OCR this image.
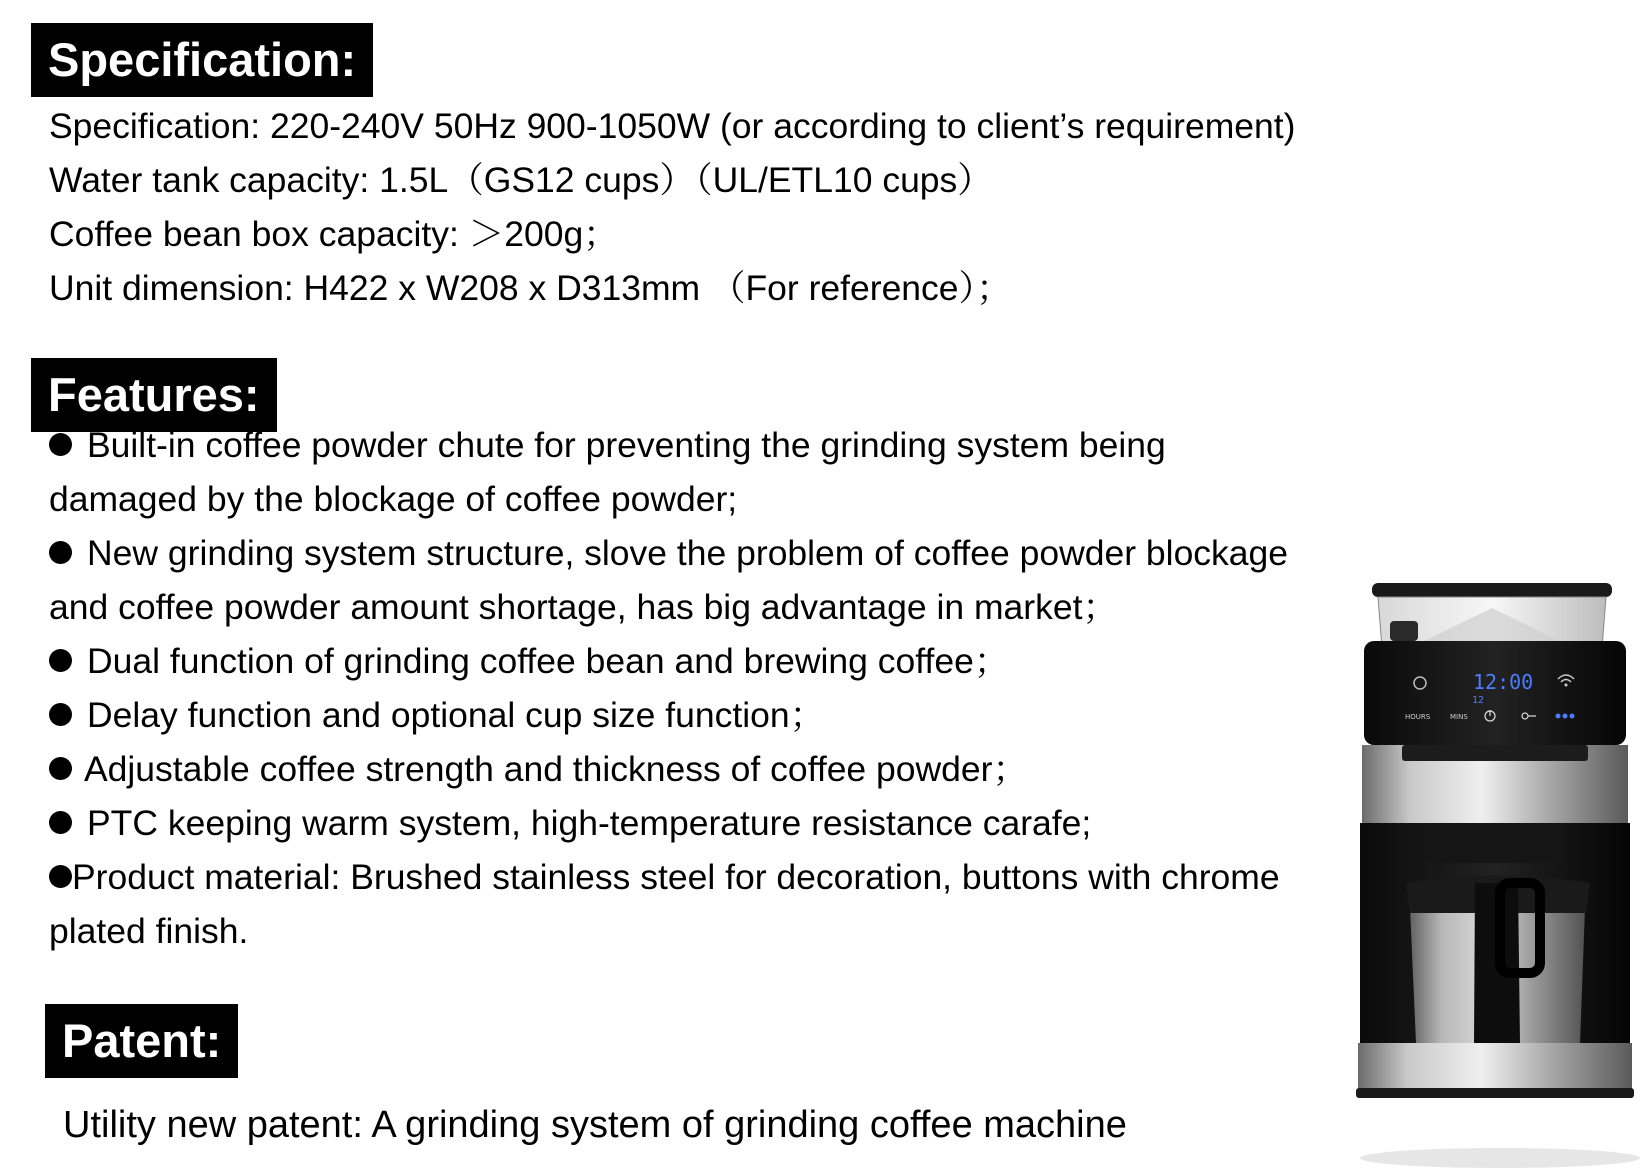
Specification:
Specification: 220-240V 50Hz 900-1050W (or according to client’s requirement)
Water tank capacity: 1.5L（GS12 cups）（UL/ETL10 cups）
Coffee bean box capacity: ＞200g；
Unit dimension: H422 x W208 x D313mm （For reference）；
Features:
Built-in coffee powder chute for preventing the grinding system being
damaged by the blockage of coffee powder;
New grinding system structure, slove the problem of coffee powder blockage
and coffee powder amount shortage, has big advantage in market；
Dual function of grinding coffee bean and brewing coffee；
Delay function and optional cup size function；
Adjustable coffee strength and thickness of coffee powder；
PTC keeping warm system, high-temperature resistance carafe;
Product material: Brushed stainless steel for decoration, buttons with chrome
plated finish.
Patent:
Utility new patent: A grinding system of grinding coffee machine
12:00
12
HOURS	MINS
